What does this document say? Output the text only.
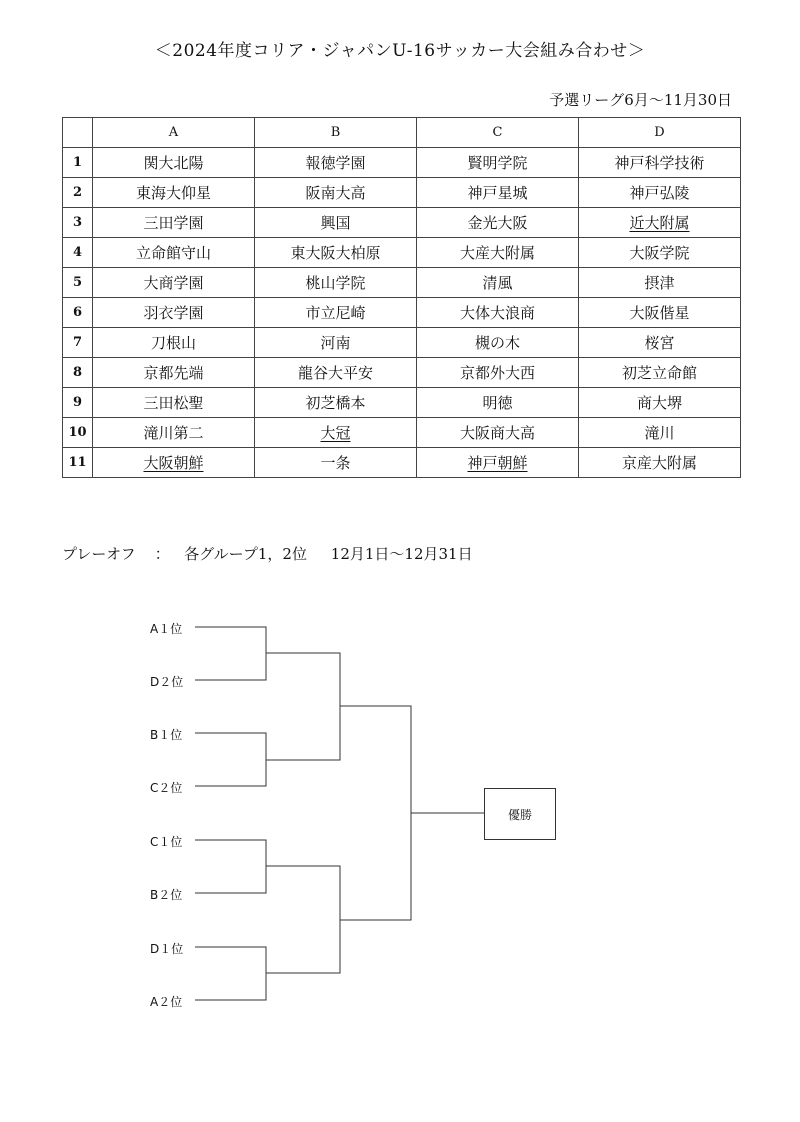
＜2024年度コリア・ジャパンU-16サッカー大会組み合わせ＞
予選リーグ6月〜11月30日
	A	B	C	D
1	関大北陽	報徳学園	賢明学院	神戸科学技術
2	東海大仰星	阪南大高	神戸星城	神戸弘陵
3	三田学園	興国	金光大阪	近大附属
4	立命館守山	東大阪大柏原	大産大附属	大阪学院
5	大商学園	桃山学院	清風	摂津
6	羽衣学園	市立尼崎	大体大浪商	大阪偕星
7	刀根山	河南	槻の木	桜宮
8	京都先端	龍谷大平安	京都外大西	初芝立命館
9	三田松聖	初芝橋本	明徳	商大堺
10	滝川第二	大冠	大阪商大高	滝川
11	大阪朝鮮	一条	神戸朝鮮	京産大附属
プレーオフ ： 各グループ1，2位 12月1日〜12月31日
A１位
D２位
B１位
C２位
C１位
B２位
D１位
A２位
優勝
